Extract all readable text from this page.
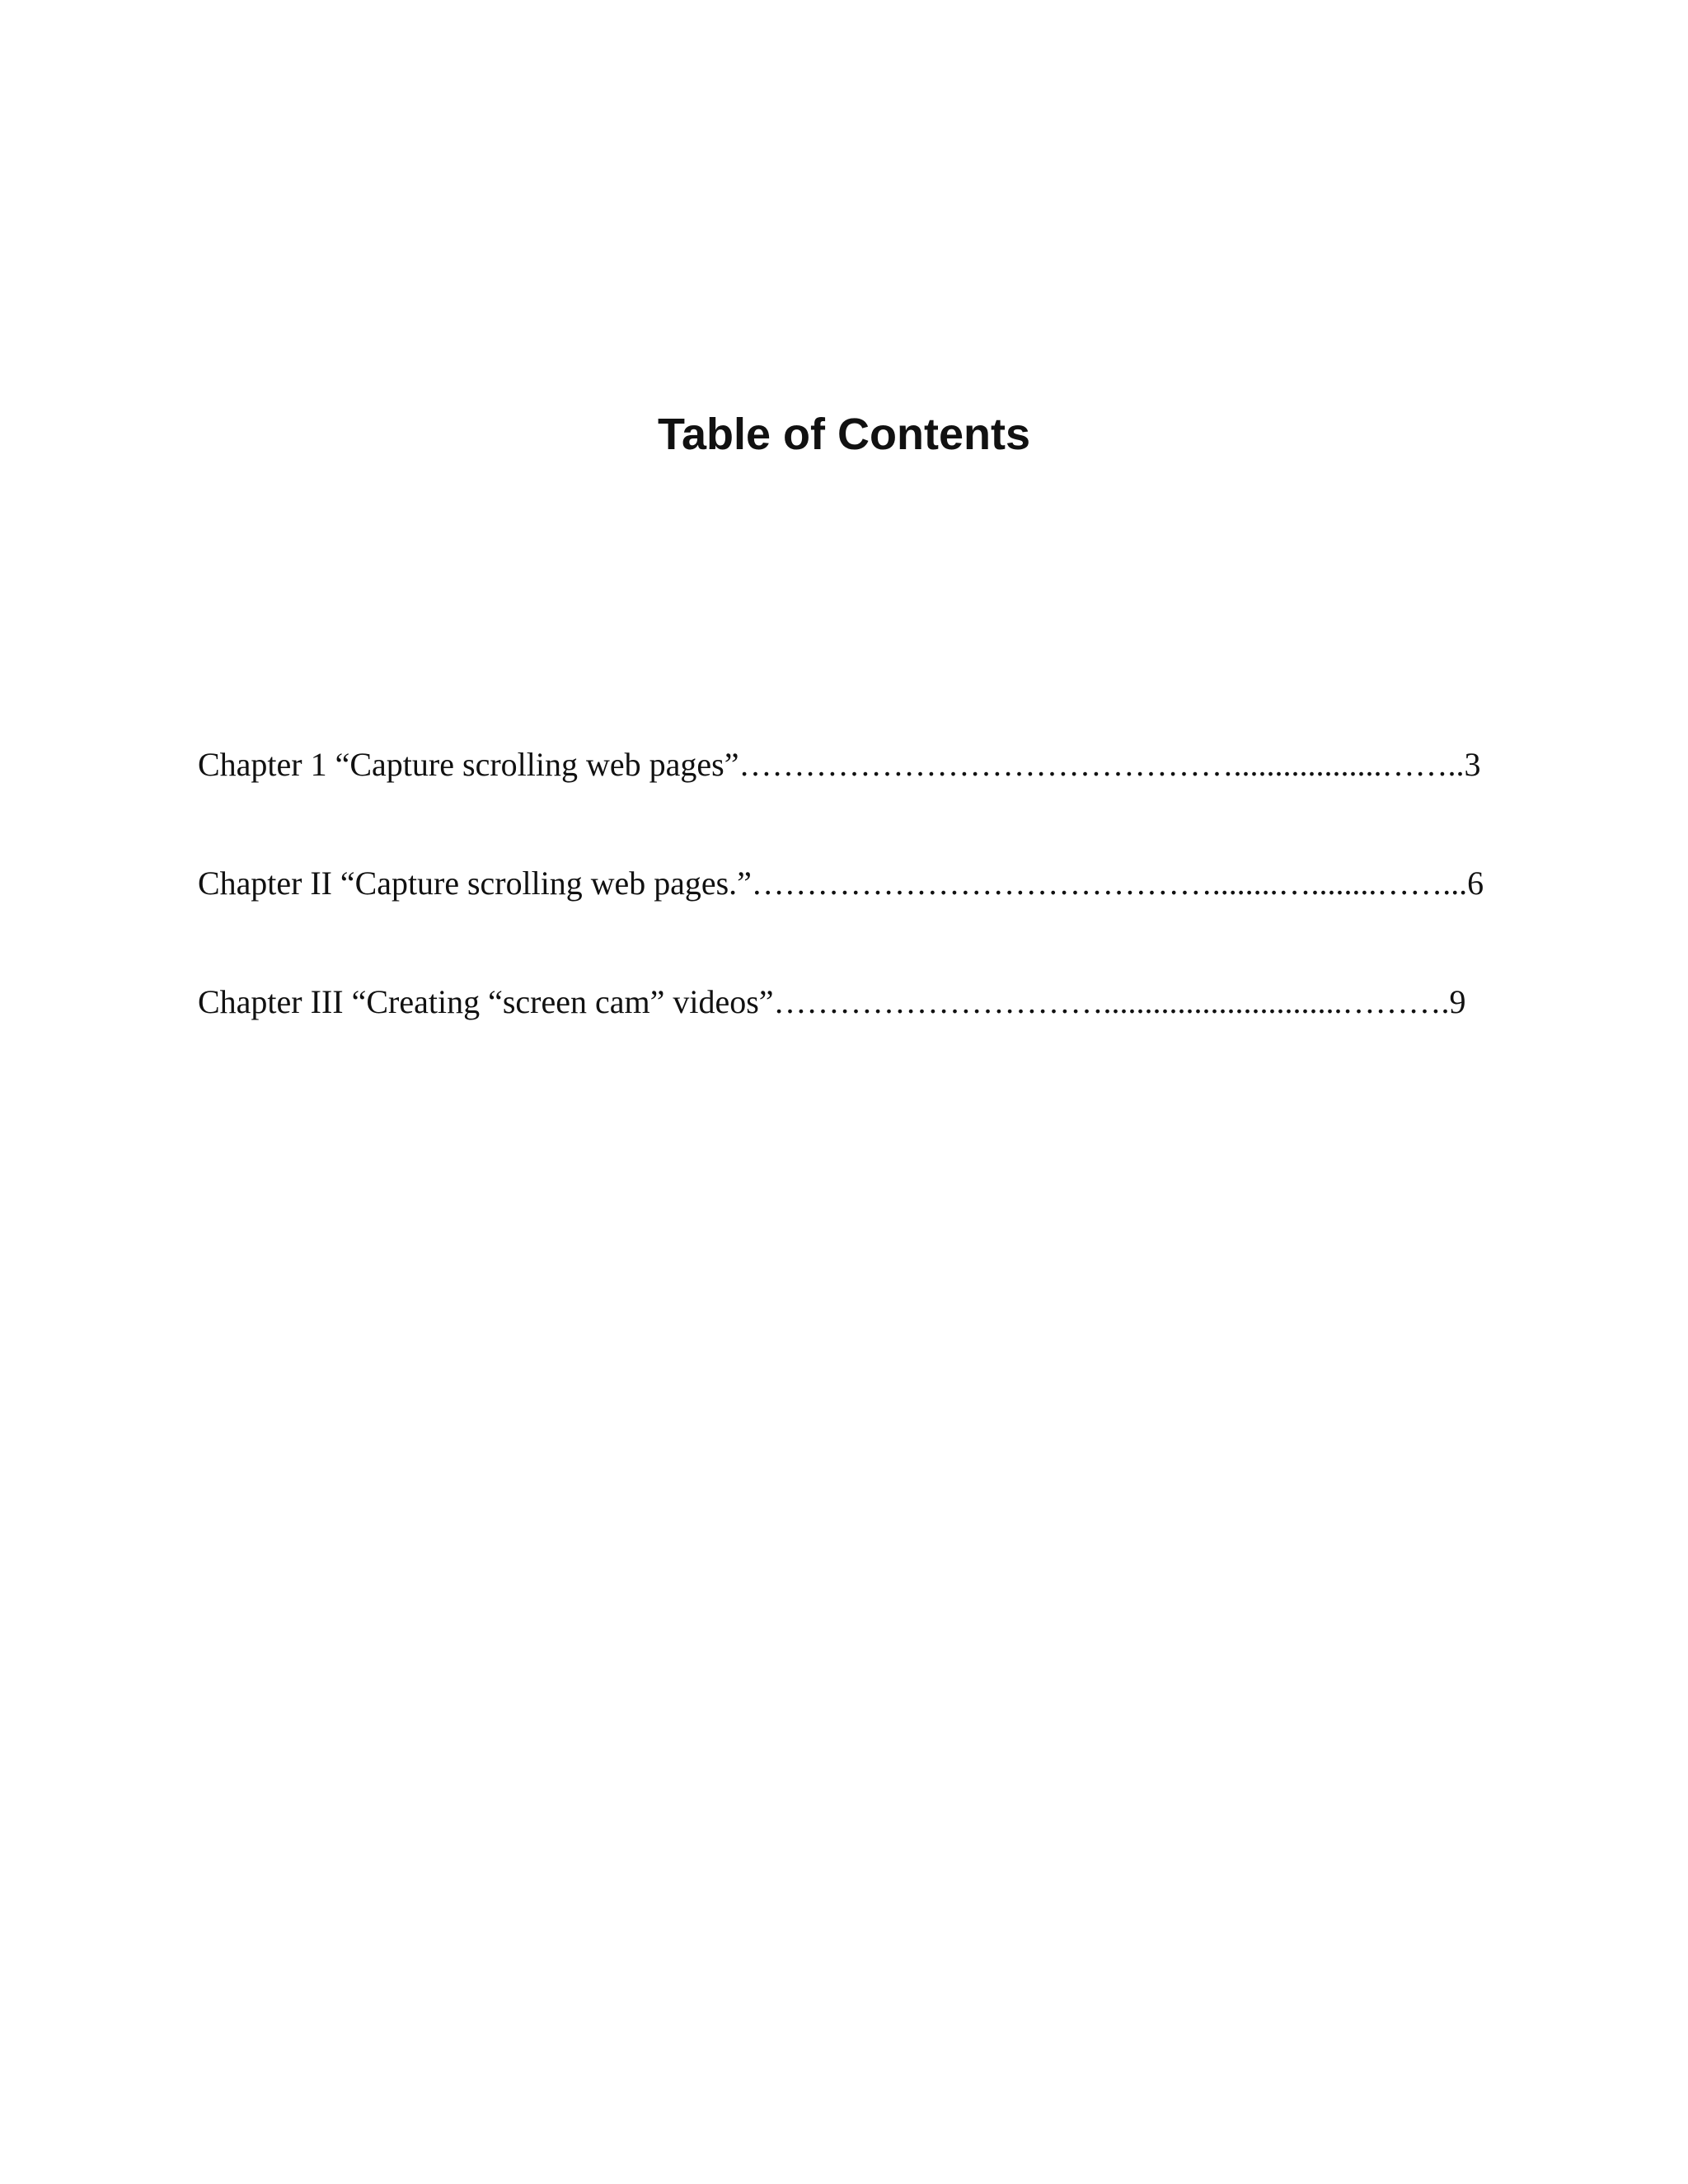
Table of Contents
Chapter 1 “Capture scrolling web pages”………………………………………..................……..3
Chapter II “Capture scrolling web pages.”……………………………………........…........……...6
Chapter III “Creating “screen cam” videos”………………………….............................……….9
